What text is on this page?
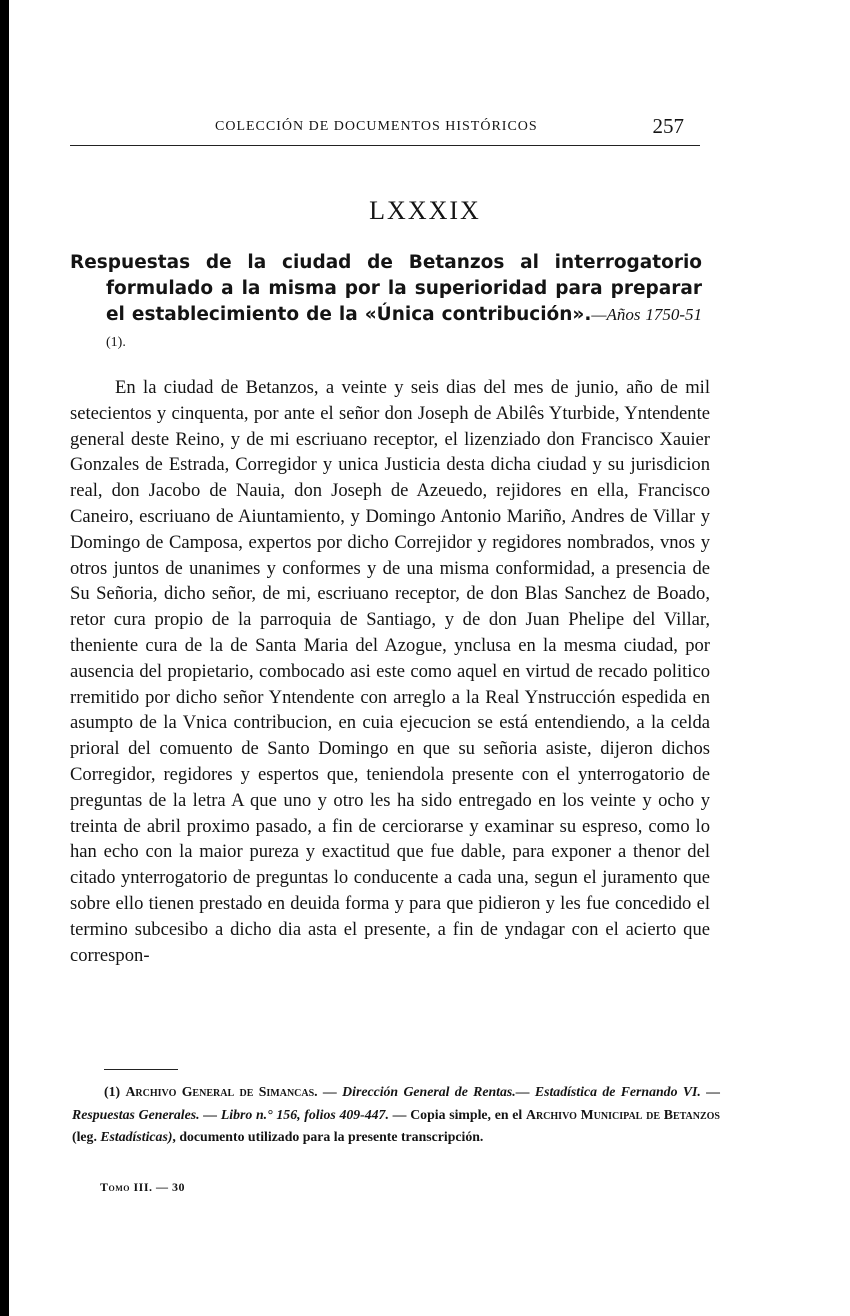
COLECCIÓN DE DOCUMENTOS HISTÓRICOS	257
LXXXIX
Respuestas de la ciudad de Betanzos al interrogatorio formulado a la misma por la superioridad para preparar el establecimiento de la «Única contribución».—Años 1750-51 (1).

En la ciudad de Betanzos, a veinte y seis dias del mes de junio, año de mil setecientos y cinquenta, por ante el señor don Joseph de Abilês Yturbide, Yntendente general deste Reino, y de mi escriuano receptor, el lizenziado don Francisco Xauier Gonzales de Estrada, Corregidor y unica Justicia desta dicha ciudad y su jurisdicion real, don Jacobo de Nauia, don Joseph de Azeuedo, rejidores en ella, Francisco Caneiro, escriuano de Aiuntamiento, y Domingo Antonio Mariño, Andres de Villar y Domingo de Camposa, expertos por dicho Correjidor y regidores nombrados, vnos y otros juntos de unanimes y conformes y de una misma conformidad, a presencia de Su Señoria, dicho señor, de mi, escriuano receptor, de don Blas Sanchez de Boado, retor cura propio de la parroquia de Santiago, y de don Juan Phelipe del Villar, theniente cura de la de Santa Maria del Azogue, ynclusa en la mesma ciudad, por ausencia del propietario, combocado asi este como aquel en virtud de recado politico rremitido por dicho señor Yntendente con arreglo a la Real Ynstrucción espedida en asumpto de la Vnica contribucion, en cuia ejecucion se está entendiendo, a la celda prioral del comuento de Santo Domingo en que su señoria asiste, dijeron dichos Corregidor, regidores y espertos que, teniendola presente con el ynterrogatorio de preguntas de la letra A que uno y otro les ha sido entregado en los veinte y ocho y treinta de abril proximo pasado, a fin de cerciorarse y examinar su espreso, como lo han echo con la maior pureza y exactitud que fue dable, para exponer a thenor del citado ynterrogatorio de preguntas lo conducente a cada una, segun el juramento que sobre ello tienen prestado en deuida forma y para que pidieron y les fue concedido el termino subcesibo a dicho dia asta el presente, a fin de yndagar con el acierto que correspon-

(1) Archivo General de Simancas. — Dirección General de Rentas.— Estadística de Fernando VI. — Respuestas Generales. — Libro n.° 156, folios 409-447. — Copia simple, en el Archivo Municipal de Betanzos (leg. Estadísticas), documento utilizado para la presente transcripción.
Tomo III. — 30
